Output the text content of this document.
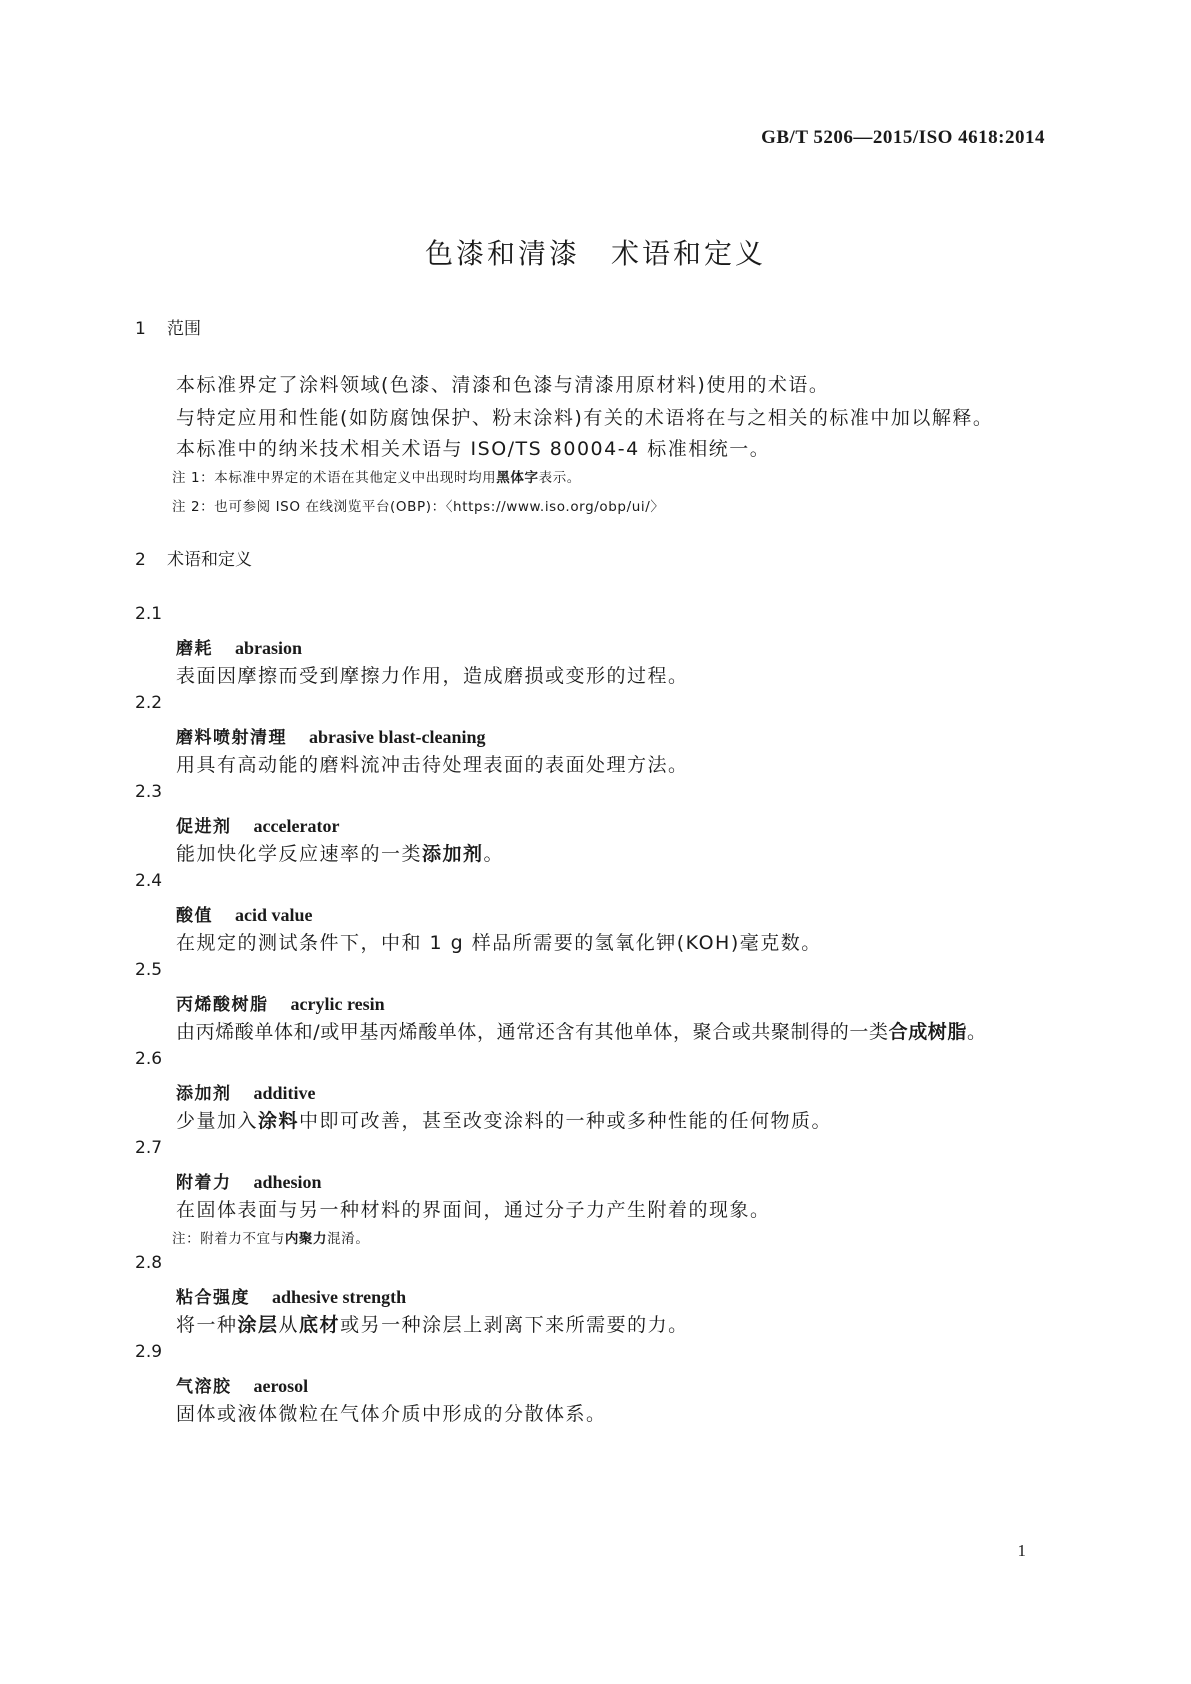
GB/T 5206—2015/ISO 4618:2014
色漆和清漆　术语和定义
1 范围
本标准界定了涂料领域(色漆、清漆和色漆与清漆用原材料)使用的术语。
与特定应用和性能(如防腐蚀保护、粉末涂料)有关的术语将在与之相关的标准中加以解释。
本标准中的纳米技术相关术语与 ISO/TS 80004-4 标准相统一。
注 1：本标准中界定的术语在其他定义中出现时均用黑体字表示。
注 2：也可参阅 ISO 在线浏览平台(OBP)：〈https://www.iso.org/obp/ui/〉
2 术语和定义
2.1
磨耗 abrasion
表面因摩擦而受到摩擦力作用，造成磨损或变形的过程。
2.2
磨料喷射清理 abrasive blast-cleaning
用具有高动能的磨料流冲击待处理表面的表面处理方法。
2.3
促进剂 accelerator
能加快化学反应速率的一类添加剂。
2.4
酸值 acid value
在规定的测试条件下，中和 1 g 样品所需要的氢氧化钾(KOH)毫克数。
2.5
丙烯酸树脂 acrylic resin
由丙烯酸单体和/或甲基丙烯酸单体，通常还含有其他单体，聚合或共聚制得的一类合成树脂。
2.6
添加剂 additive
少量加入涂料中即可改善，甚至改变涂料的一种或多种性能的任何物质。
2.7
附着力 adhesion
在固体表面与另一种材料的界面间，通过分子力产生附着的现象。
注：附着力不宜与内聚力混淆。
2.8
粘合强度 adhesive strength
将一种涂层从底材或另一种涂层上剥离下来所需要的力。
2.9
气溶胶 aerosol
固体或液体微粒在气体介质中形成的分散体系。
1
